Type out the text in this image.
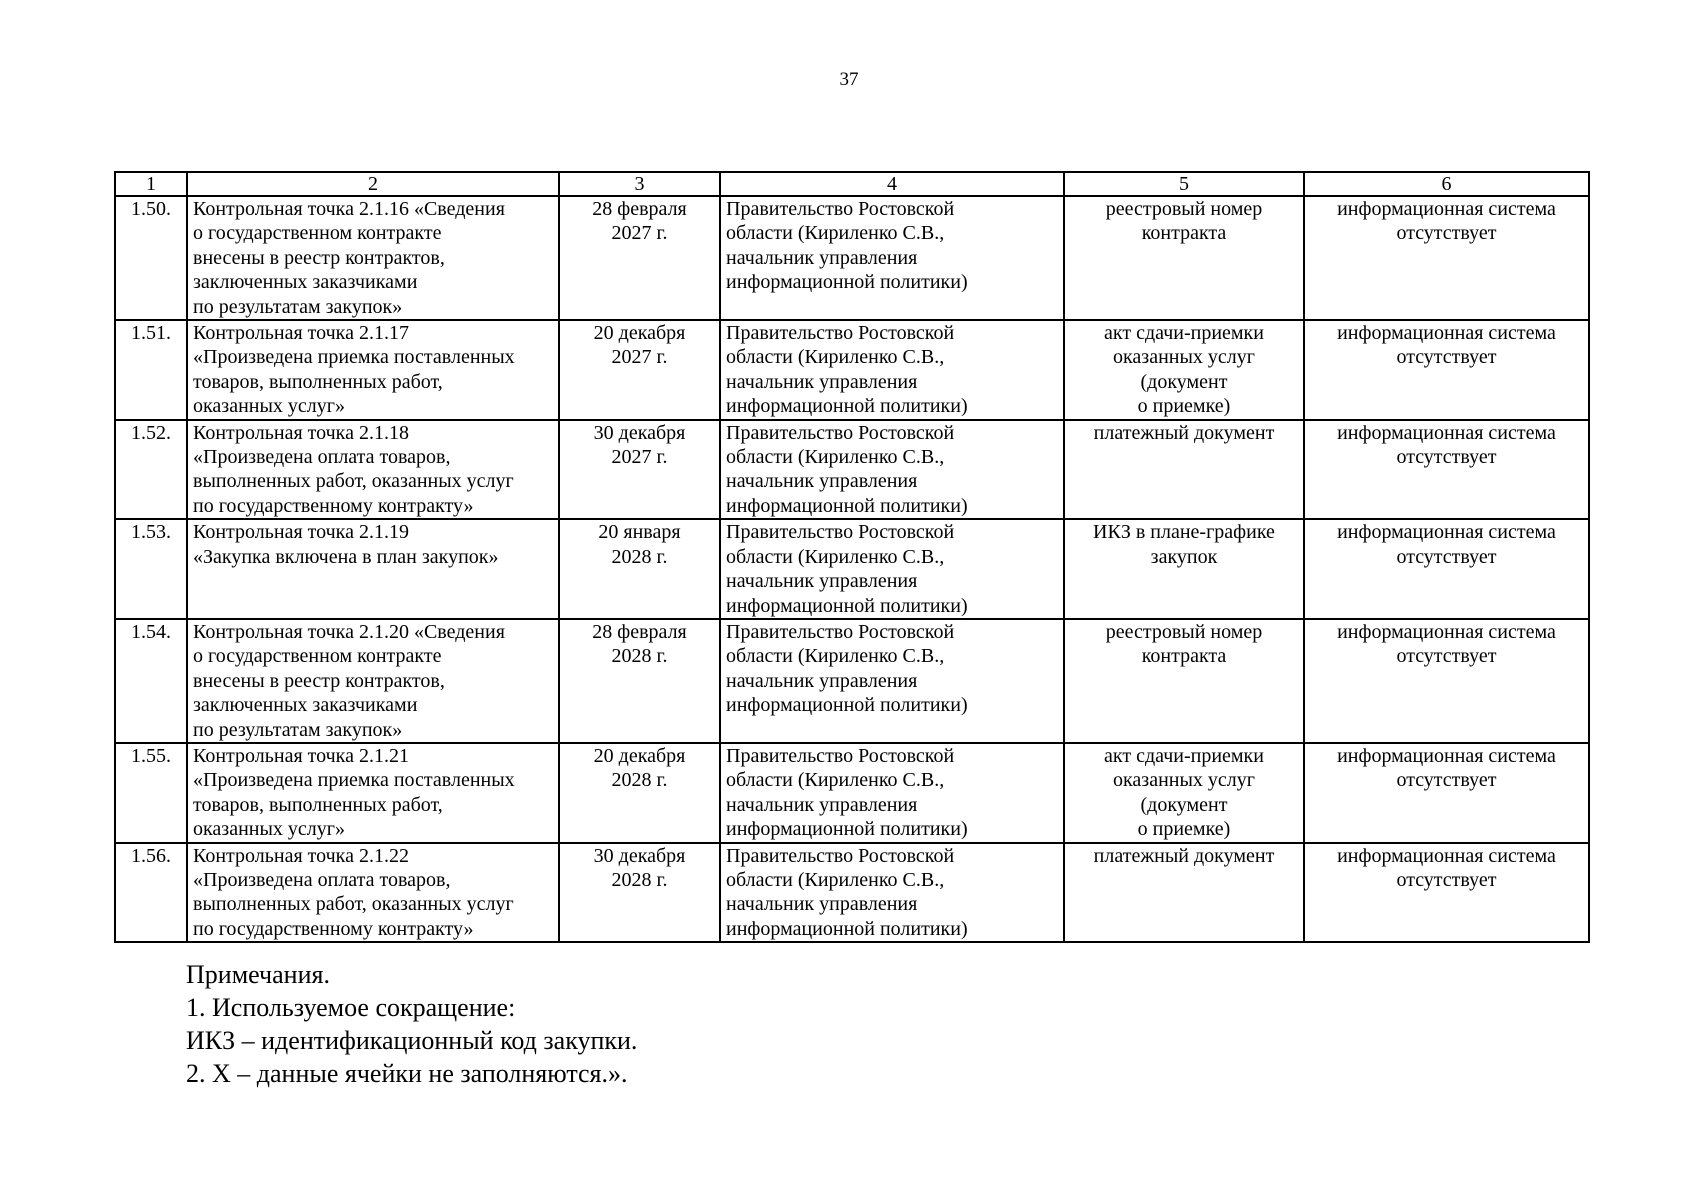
37
1	2	3	4	5	6
1.50.	Контрольная точка 2.1.16 «Сведения
о государственном контракте
внесены в реестр контрактов,
заключенных заказчиками
по результатам закупок»	28 февраля
2027 г.	Правительство Ростовской
области (Кириленко С.В.,
начальник управления
информационной политики)	реестровый номер
контракта	информационная система
отсутствует
1.51.	Контрольная точка 2.1.17
«Произведена приемка поставленных
товаров, выполненных работ,
оказанных услуг»	20 декабря
2027 г.	Правительство Ростовской
области (Кириленко С.В.,
начальник управления
информационной политики)	акт сдачи-приемки
оказанных услуг
(документ
о приемке)	информационная система
отсутствует
1.52.	Контрольная точка 2.1.18
«Произведена оплата товаров,
выполненных работ, оказанных услуг
по государственному контракту»	30 декабря
2027 г.	Правительство Ростовской
области (Кириленко С.В.,
начальник управления
информационной политики)	платежный документ	информационная система
отсутствует
1.53.	Контрольная точка 2.1.19
«Закупка включена в план закупок»	20 января
2028 г.	Правительство Ростовской
области (Кириленко С.В.,
начальник управления
информационной политики)	ИКЗ в плане-графике
закупок	информационная система
отсутствует
1.54.	Контрольная точка 2.1.20 «Сведения
о государственном контракте
внесены в реестр контрактов,
заключенных заказчиками
по результатам закупок»	28 февраля
2028 г.	Правительство Ростовской
области (Кириленко С.В.,
начальник управления
информационной политики)	реестровый номер
контракта	информационная система
отсутствует
1.55.	Контрольная точка 2.1.21
«Произведена приемка поставленных
товаров, выполненных работ,
оказанных услуг»	20 декабря
2028 г.	Правительство Ростовской
области (Кириленко С.В.,
начальник управления
информационной политики)	акт сдачи-приемки
оказанных услуг
(документ
о приемке)	информационная система
отсутствует
1.56.	Контрольная точка 2.1.22
«Произведена оплата товаров,
выполненных работ, оказанных услуг
по государственному контракту»	30 декабря
2028 г.	Правительство Ростовской
области (Кириленко С.В.,
начальник управления
информационной политики)	платежный документ	информационная система
отсутствует
Примечания.
1. Используемое сокращение:
ИКЗ – идентификационный код закупки.
2. Х – данные ячейки не заполняются.».
